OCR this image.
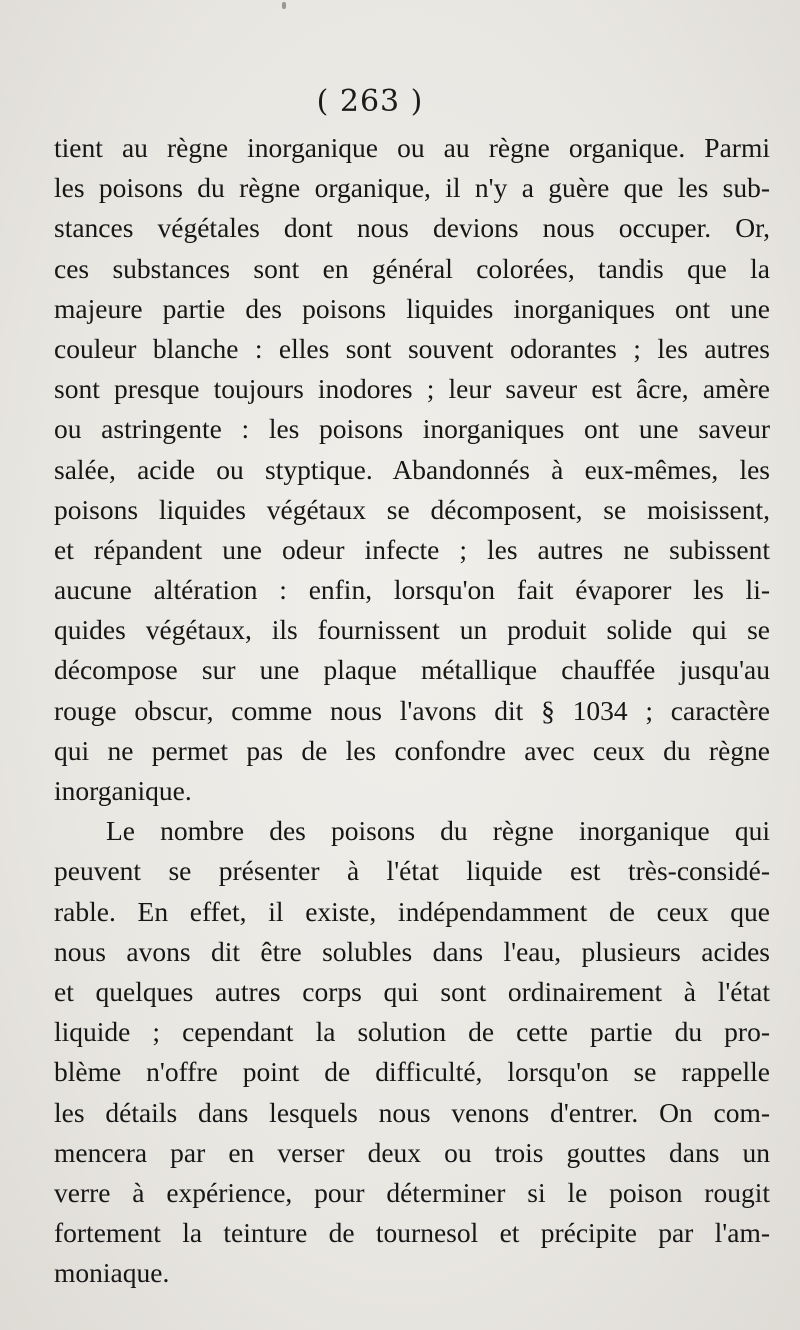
( 263 )
tient au règne inorganique ou au règne organique. Parmi
les poisons du règne organique, il n'y a guère que les sub-
stances végétales dont nous devions nous occuper. Or,
ces substances sont en général colorées, tandis que la
majeure partie des poisons liquides inorganiques ont une
couleur blanche : elles sont souvent odorantes ; les autres
sont presque toujours inodores ; leur saveur est âcre, amère
ou astringente : les poisons inorganiques ont une saveur
salée, acide ou styptique. Abandonnés à eux-mêmes, les
poisons liquides végétaux se décomposent, se moisissent,
et répandent une odeur infecte ; les autres ne subissent
aucune altération : enfin, lorsqu'on fait évaporer les li-
quides végétaux, ils fournissent un produit solide qui se
décompose sur une plaque métallique chauffée jusqu'au
rouge obscur, comme nous l'avons dit § 1034 ; caractère
qui ne permet pas de les confondre avec ceux du règne
inorganique.
Le nombre des poisons du règne inorganique qui
peuvent se présenter à l'état liquide est très-considé-
rable. En effet, il existe, indépendamment de ceux que
nous avons dit être solubles dans l'eau, plusieurs acides
et quelques autres corps qui sont ordinairement à l'état
liquide ; cependant la solution de cette partie du pro-
blème n'offre point de difficulté, lorsqu'on se rappelle
les détails dans lesquels nous venons d'entrer. On com-
mencera par en verser deux ou trois gouttes dans un
verre à expérience, pour déterminer si le poison rougit
fortement la teinture de tournesol et précipite par l'am-
moniaque.
